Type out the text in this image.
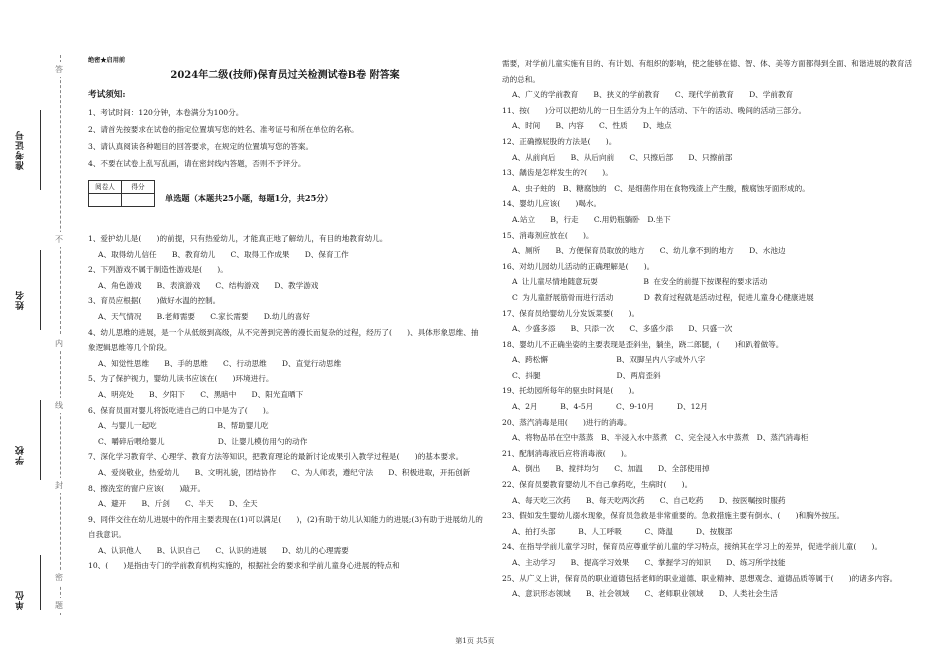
准考证号
姓名
学校
单位
答
不
内
线
封
密
题
绝密★启用前
2024年二级(技师)保育员过关检测试卷B卷 附答案
考试须知:
1、考试时间：120分钟，本卷满分为100分。
2、请首先按要求在试卷的指定位置填写您的姓名、准考证号和所在单位的名称。
3、请认真阅读各种题目的回答要求，在规定的位置填写您的答案。
4、不要在试卷上乱写乱画，请在密封线内答题，否则不予评分。
阅卷人	得分

单选题（本题共25小题，每题1分，共25分）
1、爱护幼儿是(　　)的前提，只有热爱幼儿，才能真正地了解幼儿，有目的地教育幼儿。
A、取得幼儿信任　　B、教育幼儿　　C、取得工作成果　　D、保育工作
2、下列游戏不属于制造性游戏是(　　)。
A、角色游戏　　B、表演游戏　　C、结构游戏　　D、教学游戏
3、育员应根据(　　)做好水温的控制。
A、天气情况　　B.老师需要　　C.家长需要　　D.幼儿的喜好
4、幼儿思维的进展，是一个从低级到高级，从不完善到完善的漫长而复杂的过程，经历了(　　)、具体形象思维、抽象逻辑思维等几个阶段。
A、知觉性思维　　B、手的思维　　C、行动思维　　D、直觉行动思维
5、为了保护视力，婴幼儿读书应该在(　　)环境进行。
A、明亮处　　B、夕阳下　　C、黑暗中　　D、阳光直晒下
6、保育员面对婴儿将饭吃进自己的口中是为了(　　)。
A、与婴儿一起吃　　　　　　　　B、帮助婴儿吃
C、嚼碎后喂给婴儿　　　　　　　D、让婴儿模仿用勺的动作
7、深化学习教育学、心理学、教育方法等知识，把教育理论的最新讨论成果引入教学过程是(　　)的基本要求。
A、爱岗敬业，热爱幼儿　　B、文明礼貌，团结协作　　C、为人师表，遵纪守法　　D、积极进取，开拓创新
8、擦洗室的窗户应该(　　)敲开。
A、避开　　B、斤剑　　C、半天　　D、全天
9、同伴交往在幼儿进展中的作用主要表现在(1)可以满足(　　)，(2)有助于幼儿认知能力的进展;(3)有助于进展幼儿的自我意识。
A、认识他人　　B、认识自己　　C、认识的进展　　D、幼儿的心理需要
10、(　　)是指由专门的学前教育机构实施的，根据社会的要求和学前儿童身心进展的特点和
需要，对学前儿童实施有目的、有计划、有组织的影响，使之能够在德、智、体、美等方面都得到全面、和谐进展的教育活动的总和。
A、广义的学前教育　　B、狭义的学前教育　　C、现代学前教育　　D、学前教育
11、按(　　)分可以把幼儿的一日生活分为上午的活动、下午的活动、晚间的活动三部分。
A、时间　　B、内容　　C、性质　　D、地点
12、正确擦屁股的方法是(　　)。
A、从前向后　　B、从后向前　　C、只擦后部　　D、只擦前部
13、龋齿是怎样发生的?(　　)。
A、虫子蛀的　B、糖腐蚀的　C、是细菌作用在食物残渣上产生酸，酸腐蚀牙面形成的。
14、婴幼儿应该(　　)喝水。
A.站立　　B，行走　　C.用奶瓶躺卧　D.坐下
15、消毒剂应放在(　　)。
A、厕所　　B、方便保育员取放的地方　　C、幼儿拿不到的地方　　D、水池边
16、对幼儿园幼儿活动的正确理解是(　　)。
A 让儿童尽情地随意玩耍　　　　　　B 在安全的前提下按课程的要求活动
C 为儿童舒展筋骨而进行活动　　　　D 教育过程就是活动过程，促进儿童身心健康进展
17、保育员给婴幼儿分发饭菜要(　　)。
A、少盛多添　　B、只添一次　　C、多盛少添　　D、只盛一次
18、婴幼儿不正确坐姿的主要表现是歪斜坐，躺坐，跷二郎腿，(　　)和趴着做等。
A、跨松懈　　　　　　　　　B、双脚呈内八字或外八字
C、抖腿　　　　　　　　　　D、两肩歪斜
19、托幼园所每年的驱虫时间是(　　)。
A、2月　　　B、4-5月　　　C、9-10月　　　D、12月
20、蒸汽消毒是用(　　)进行的消毒。
A、将物品吊在空中蒸蒸　B、半浸入水中蒸煮　C、完全浸入水中蒸煮　D、蒸汽消毒柜
21、配制消毒液后应将消毒液(　　)。
A、倒出　　B、搅拌均匀　　C、加温　　D、全部使用掉
22、保育员要教育婴幼儿不自己拿药吃，生病时(　　)。
A、每天吃三次药　　B、每天吃两次药　　C、自己吃药　　D、按医嘱按时服药
23、假如发生婴幼儿溺水现象，保育员急救是非常重要的。急救措施主要有倒水、(　　)和胸外按压。
A、拍打头部　　　B、人工呼吸　　　C、降温　　　D、按腹部
24、在指导学前儿童学习时，保育员应尊重学前儿童的学习特点，接纳其在学习上的差异，促进学前儿童(　　)。
A、主动学习　　B、提高学习效果　　C、掌握学习的知识　　D、练习所学技能
25、从广义上讲，保育员的职业道德包括老师的职业道德、职业精神、思想观念、道德品质等属于(　　)的诸多内容。
A、意识形态领域　　B、社会领域　　C、老师职业领域　　D、人类社会生活
第1页 共5页
